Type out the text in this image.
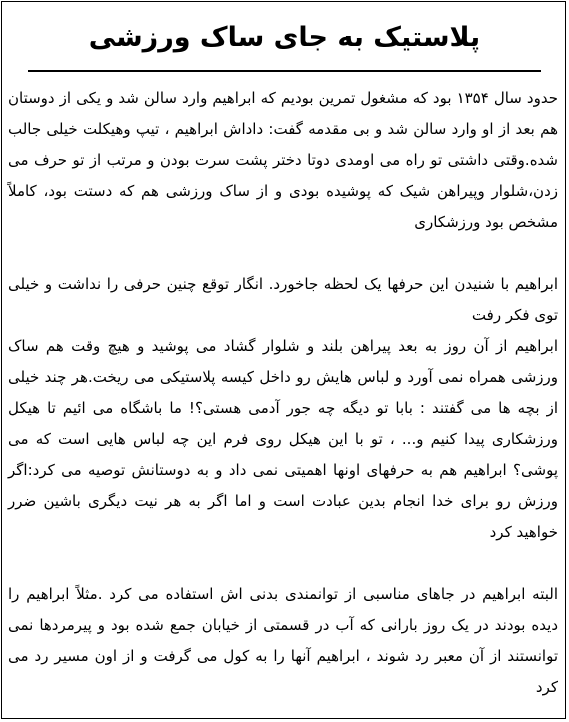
پلاستیک به جای ساک ورزشی

حدود سال ۱۳۵۴ بود که مشغول تمرین بودیم که ابراهیم وارد سالن شد و یکی از دوستان هم بعد از او وارد سالن شد و بی مقدمه گفت: داداش ابراهیم ، تیپ وهیکلت خیلی جالب شده.وقتی داشتی تو راه می اومدی دوتا دختر پشت سرت بودن و مرتب از تو حرف می زدن،شلوار وپیراهن شیک که پوشیده بودی و از ساک ورزشی هم که دستت بود، کاملاً مشخص بود ورزشکاری

ابراهیم با شنیدن این حرفها یک لحظه جاخورد. انگار توقع چنین حرفی را نداشت و خیلی توی فکر رفت

ابراهیم از آن روز به بعد پیراهن بلند و شلوار گشاد می پوشید و هیچ وقت هم ساک ورزشی همراه نمی آورد و لباس هایش رو داخل کیسه پلاستیکی می ریخت.هر چند خیلی از بچه ها می گفتند : بابا تو دیگه چه جور آدمی هستی؟! ما باشگاه می ائیم تا هیکل ورزشکاری پیدا کنیم و... ، تو با این هیکل روی فرم این چه لباس هایی است که می پوشی؟ ابراهیم هم به حرفهای اونها اهمیتی نمی داد و به دوستانش توصیه می کرد:اگر ورزش رو برای خدا انجام بدین عبادت است و اما اگر به هر نیت دیگری باشین ضرر خواهید کرد

البته ابراهیم در جاهای مناسبی از توانمندی بدنی اش استفاده می کرد .مثلاً ابراهیم را دیده بودند در یک روز بارانی که آب در قسمتی از خیابان جمع شده بود و پیرمردها نمی توانستند از آن معبر رد شوند ، ابراهیم آنها را به کول می گرفت و از اون مسیر رد می کرد
